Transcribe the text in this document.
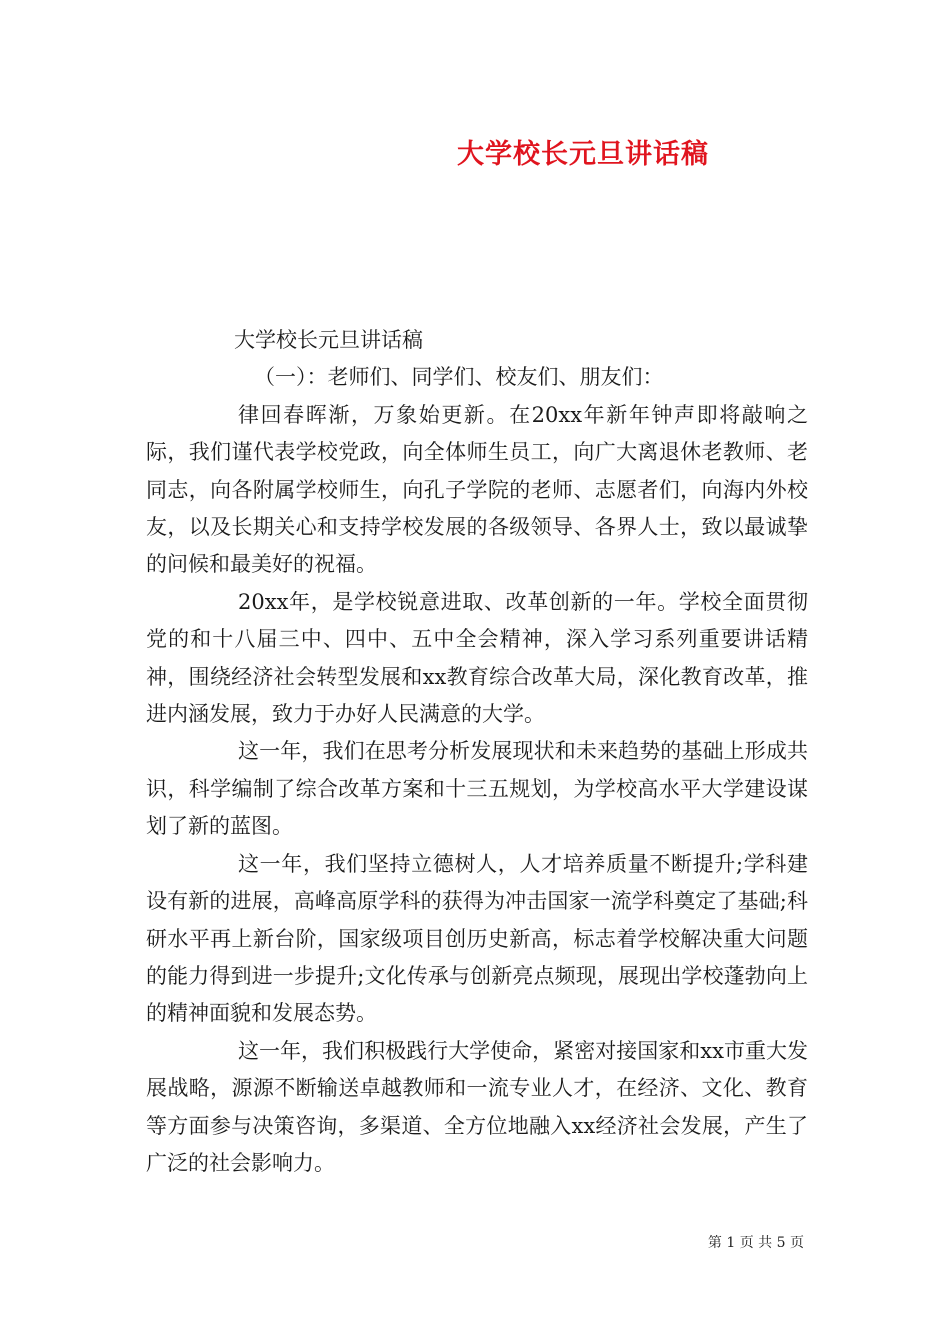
大学校长元旦讲话稿

大学校长元旦讲话稿

（一）：老师们、同学们、校友们、朋友们：

律回春晖渐，万象始更新。在20xx年新年钟声即将敲响之际，我们谨代表学校党政，向全体师生员工，向广大离退休老教师、老同志，向各附属学校师生，向孔子学院的老师、志愿者们，向海内外校友，以及长期关心和支持学校发展的各级领导、各界人士，致以最诚挚的问候和最美好的祝福。

20xx年，是学校锐意进取、改革创新的一年。学校全面贯彻党的和十八届三中、四中、五中全会精神，深入学习系列重要讲话精神，围绕经济社会转型发展和xx教育综合改革大局，深化教育改革，推进内涵发展，致力于办好人民满意的大学。

这一年，我们在思考分析发展现状和未来趋势的基础上形成共识，科学编制了综合改革方案和十三五规划，为学校高水平大学建设谋划了新的蓝图。

这一年，我们坚持立德树人，人才培养质量不断提升;学科建设有新的进展，高峰高原学科的获得为冲击国家一流学科奠定了基础;科研水平再上新台阶，国家级项目创历史新高，标志着学校解决重大问题的能力得到进一步提升;文化传承与创新亮点频现，展现出学校蓬勃向上的精神面貌和发展态势。

这一年，我们积极践行大学使命，紧密对接国家和xx市重大发展战略，源源不断输送卓越教师和一流专业人才，在经济、文化、教育等方面参与决策咨询，多渠道、全方位地融入xx经济社会发展，产生了广泛的社会影响力。

第 1 页 共 5 页
